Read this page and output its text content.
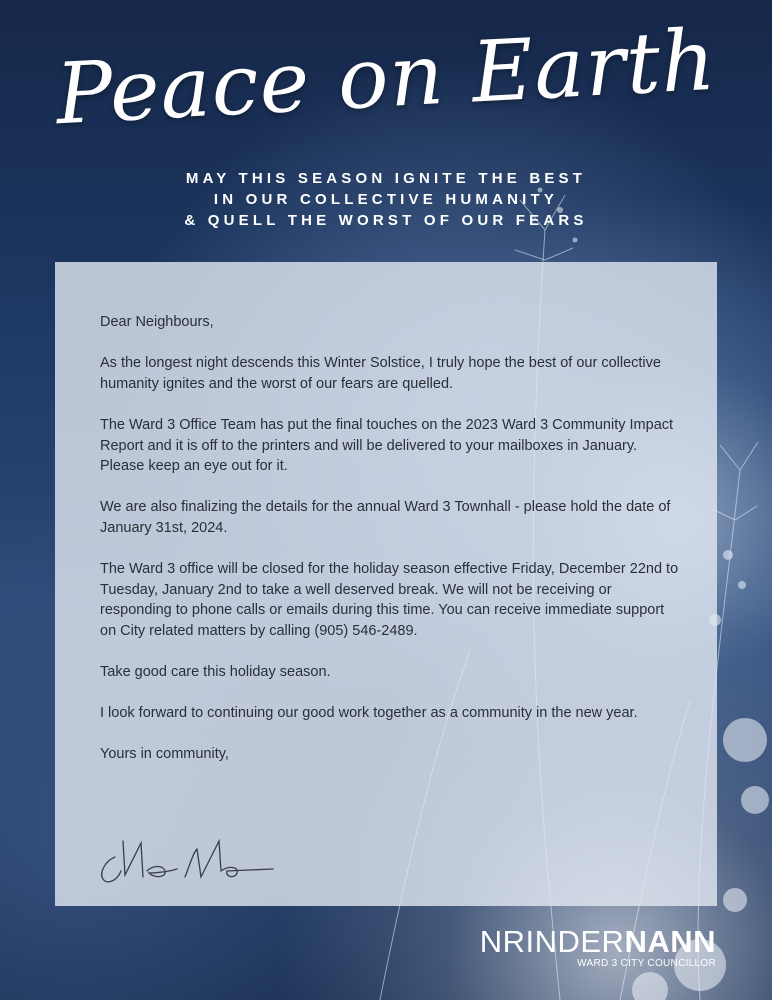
Peace on Earth
MAY THIS SEASON IGNITE THE BEST
IN OUR COLLECTIVE HUMANITY
& QUELL THE WORST OF OUR FEARS

Dear Neighbours,

As the longest night descends this Winter Solstice, I truly hope the best of our collective humanity ignites and the worst of our fears are quelled.

The Ward 3 Office Team has put the final touches on the 2023 Ward 3 Community Impact Report and it is off to the printers and will be delivered to your mailboxes in January. Please keep an eye out for it.

We are also finalizing the details for the annual Ward 3 Townhall - please hold the date of January 31st, 2024.

The Ward 3 office will be closed for the holiday season effective Friday, December 22nd to Tuesday, January 2nd to take a well deserved break. We will not be receiving or responding to phone calls or emails during this time. You can receive immediate support on City related matters by calling (905) 546-2489.

Take good care this holiday season.

I look forward to continuing our good work together as a community in the new year.

Yours in community,

NRINDERNANN
WARD 3 CITY COUNCILLOR
